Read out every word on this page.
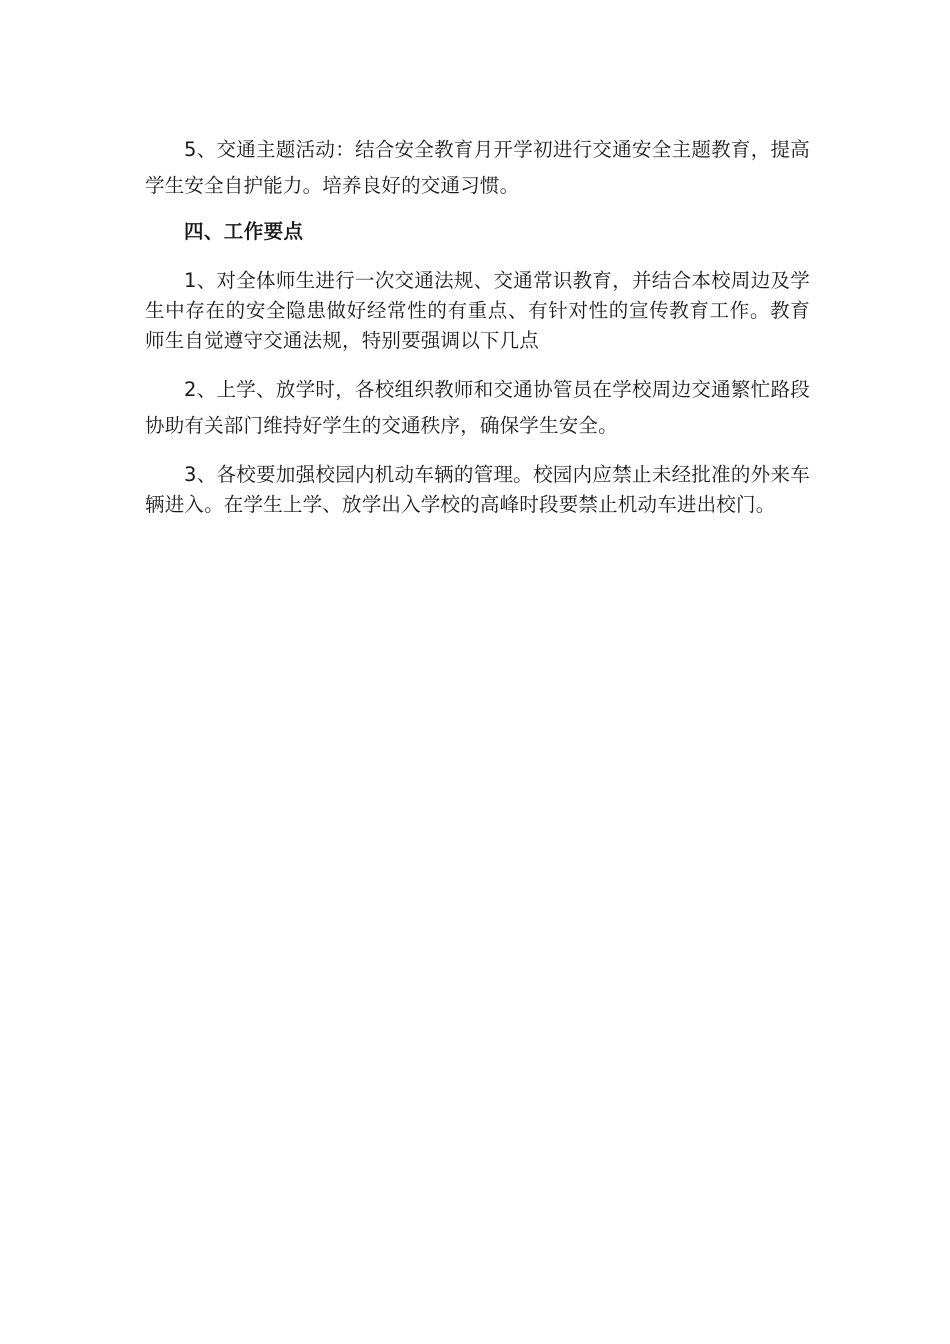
5、交通主题活动：结合安全教育月开学初进行交通安全主题教育，提高学生安全自护能力。培养良好的交通习惯。

四、工作要点

1、对全体师生进行一次交通法规、交通常识教育，并结合本校周边及学生中存在的安全隐患做好经常性的有重点、有针对性的宣传教育工作。教育师生自觉遵守交通法规，特别要强调以下几点

2、上学、放学时，各校组织教师和交通协管员在学校周边交通繁忙路段协助有关部门维持好学生的交通秩序，确保学生安全。

3、各校要加强校园内机动车辆的管理。校园内应禁止未经批准的外来车辆进入。在学生上学、放学出入学校的高峰时段要禁止机动车进出校门。
